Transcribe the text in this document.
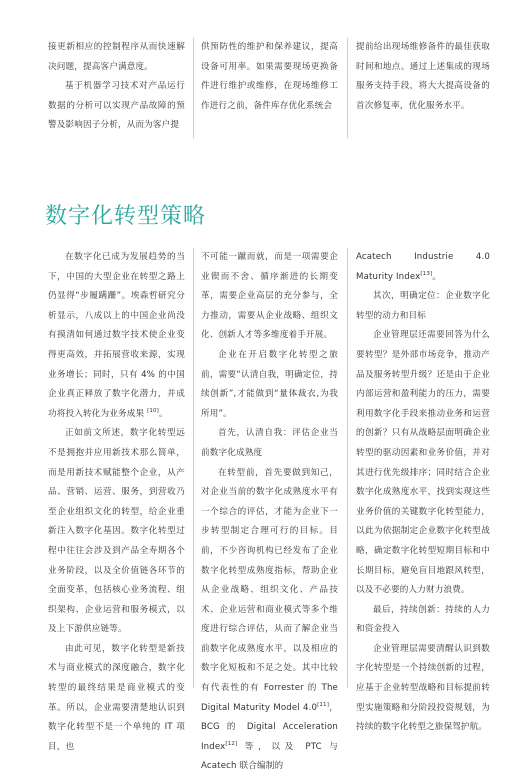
接更新相应的控制程序从而快速解决问题，提高客户满意度。

基于机器学习技术对产品运行数据的分析可以实现产品故障的预警及影响因子分析，从而为客户提

供预防性的维护和保养建议，提高设备可用率。如果需要现场更换备件进行维护或维修，在现场维修工作进行之前，备件库存优化系统会

提前给出现场维修备件的最佳获取时间和地点。通过上述集成的现场服务支持手段，将大大提高设备的首次修复率，优化服务水平。

数字化转型策略

在数字化已成为发展趋势的当下，中国的大型企业在转型之路上仍显得“步履蹒跚”。埃森哲研究分析显示，八成以上的中国企业尚没有摸清如何通过数字技术使企业变得更高效，并拓展营收来源，实现业务增长；同时，只有 4% 的中国企业真正释放了数字化潜力，并成功将投入转化为业务成果 [10]。

正如前文所述，数字化转型远不是拥抱并应用新技术那么简单，而是用新技术赋能整个企业，从产品、营销、运营、服务，到营收乃至企业组织文化的转型，给企业重新注入数字化基因。数字化转型过程中往往会涉及到产品全寿期各个业务阶段，以及全价值链各环节的全面变革，包括核心业务流程、组织架构、企业运营和服务模式，以及上下游供应链等。

由此可见，数字化转型是新技术与商业模式的深度融合，数字化转型的最终结果是商业模式的变革。所以，企业需要清楚地认识到数字化转型不是一个单纯的 IT 项目，也

不可能一蹴而就，而是一项需要企业锲而不舍、循序渐进的长期变革，需要企业高层的充分参与，全力推动，需要从企业战略、组织文化、创新人才等多维度着手开展。

企业在开启数字化转型之旅前，需要“认清自我，明确定位，持续创新”,才能做到“量体裁衣,为我所用”。

首先，认清自我：评估企业当前数字化成熟度

在转型前，首先要做到知己，对企业当前的数字化成熟度水平有一个综合的评估，才能为企业下一步转型制定合理可行的目标。目前，不少咨询机构已经发布了企业数字化转型成熟度指标，帮助企业从企业战略、组织文化、产品技术、企业运营和商业模式等多个维度进行综合评估，从而了解企业当前数字化成熟度水平，以及相应的数字化短板和不足之处。其中比较有代表性的有 Forrester 的 The Digital Maturity Model 4.0[11]，BCG 的 Digital Acceleration Index[12] 等，以及 PTC 与 Acatech 联合编制的

Acatech Industrie 4.0 Maturity Index[13]。

其次，明确定位：企业数字化转型的动力和目标

企业管理层还需要回答为什么要转型？是外部市场竞争，推动产品及服务转型升级？还是由于企业内部运营和盈利能力的压力，需要利用数字化手段来推动业务和运营的创新？只有从战略层面明确企业转型的驱动因素和业务价值，并对其进行优先级排序；同时结合企业数字化成熟度水平，找到实现这些业务价值的关键数字化转型能力，以此为依据制定企业数字化转型战略，确定数字化转型短期目标和中长期目标，避免盲目地跟风转型，以及不必要的人力财力浪费。

最后，持续创新：持续的人力和资金投入

企业管理层需要清醒认识到数字化转型是一个持续创新的过程，应基于企业转型战略和目标提前转型实施策略和分阶段投资规划，为持续的数字化转型之旅保驾护航。
